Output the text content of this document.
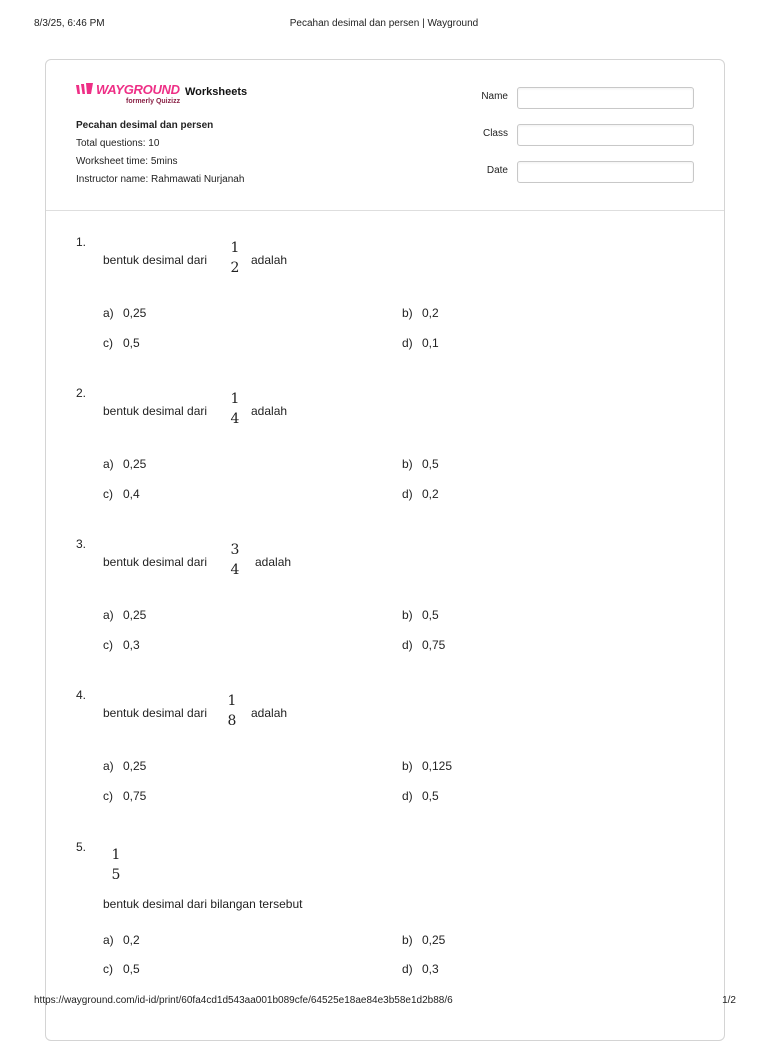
8/3/25, 6:46 PM	Pecahan desimal dan persen | Wayground
WAYGROUND
formerly Quizizz
Worksheets
Pecahan desimal dan persen
Total questions: 10
Worksheet time: 5mins
Instructor name: Rahmawati Nurjanah
Name
Class
Date
1.
bentuk desimal dari
1
2 adalah
a) 0,25	b) 0,2
c) 0,5	d) 0,1
2.
bentuk desimal dari
1
4 adalah
a) 0,25	b) 0,5
c) 0,4	d) 0,2
3.
bentuk desimal dari
3
4 adalah
a) 0,25	b) 0,5
c) 0,3	d) 0,75
4.
bentuk desimal dari
1
8 adalah
a) 0,25	b) 0,125
c) 0,75	d) 0,5
5. 1
5
bentuk desimal dari bilangan tersebut
a) 0,2	b) 0,25
c) 0,5	d) 0,3
https://wayground.com/id-id/print/60fa4cd1d543aa001b089cfe/64525e18ae84e3b58e1d2b88/6	1/2
